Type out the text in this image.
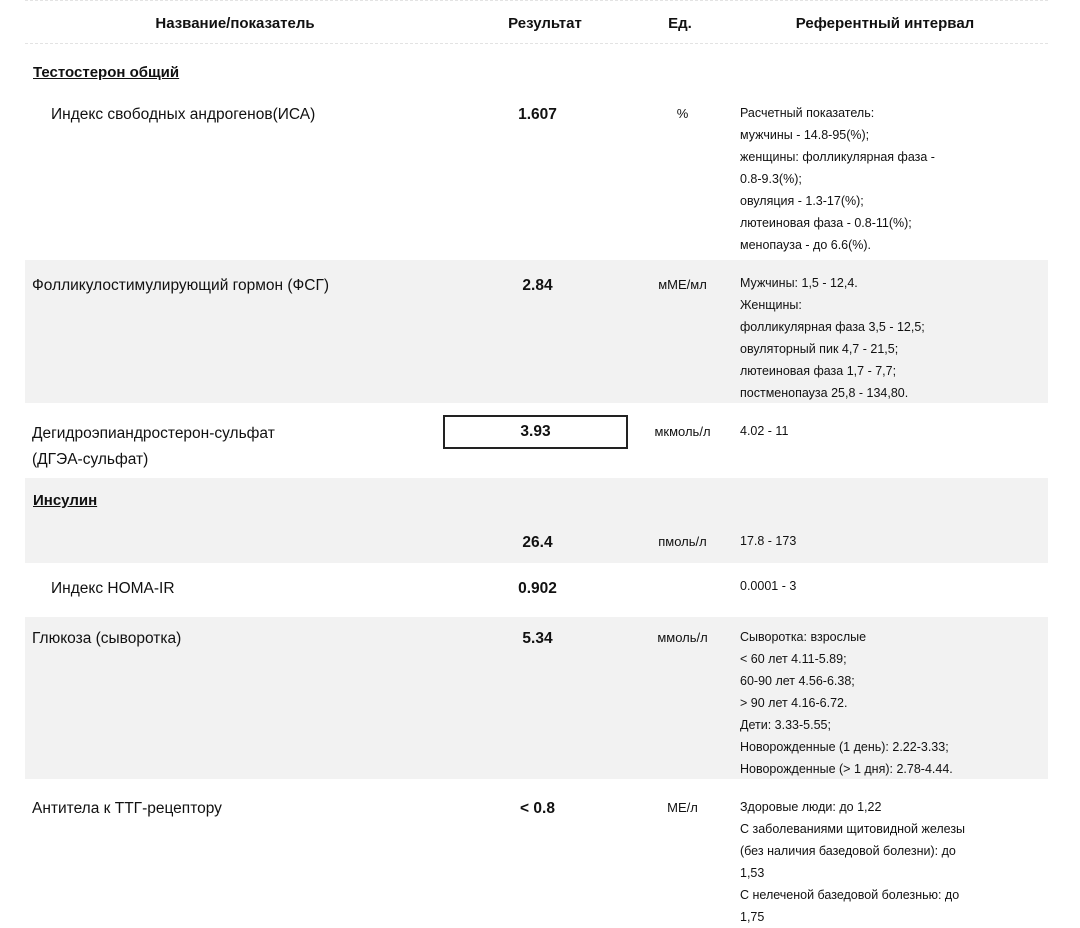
Название/показатель	Результат	Ед.	Референтный интервал
Тестостерон общий
Индекс свободных андрогенов(ИСА)	1.607	%	Расчетный показатель:
мужчины - 14.8-95(%);
женщины: фолликулярная фаза -
0.8-9.3(%);
овуляция - 1.3-17(%);
лютеиновая фаза - 0.8-11(%);
менопауза - до 6.6(%).
Фолликулостимулирующий гормон (ФСГ)	2.84	мМЕ/мл	Мужчины: 1,5 - 12,4.
Женщины:
фолликулярная фаза 3,5 - 12,5;
овуляторный пик 4,7 - 21,5;
лютеиновая фаза 1,7 - 7,7;
постменопауза 25,8 - 134,80.
Дегидроэпиандростерон-сульфат
(ДГЭА-сульфат)
3.93	мкмоль/л	4.02 - 11
Инсулин
26.4	пмоль/л	17.8 - 173
Индекс HOMA-IR	0.902	0.0001 - 3
Глюкоза (сыворотка)	5.34	ммоль/л	Сыворотка: взрослые
< 60 лет 4.11-5.89;
60-90 лет 4.56-6.38;
> 90 лет 4.16-6.72.
Дети: 3.33-5.55;
Новорожденные (1 день): 2.22-3.33;
Новорожденные (> 1 дня): 2.78-4.44.
Антитела к ТТГ-рецептору	< 0.8	МЕ/л	Здоровые люди: до 1,22
С заболеваниями щитовидной железы
(без наличия базедовой болезни): до
1,53
С нелеченой базедовой болезнью: до
1,75
